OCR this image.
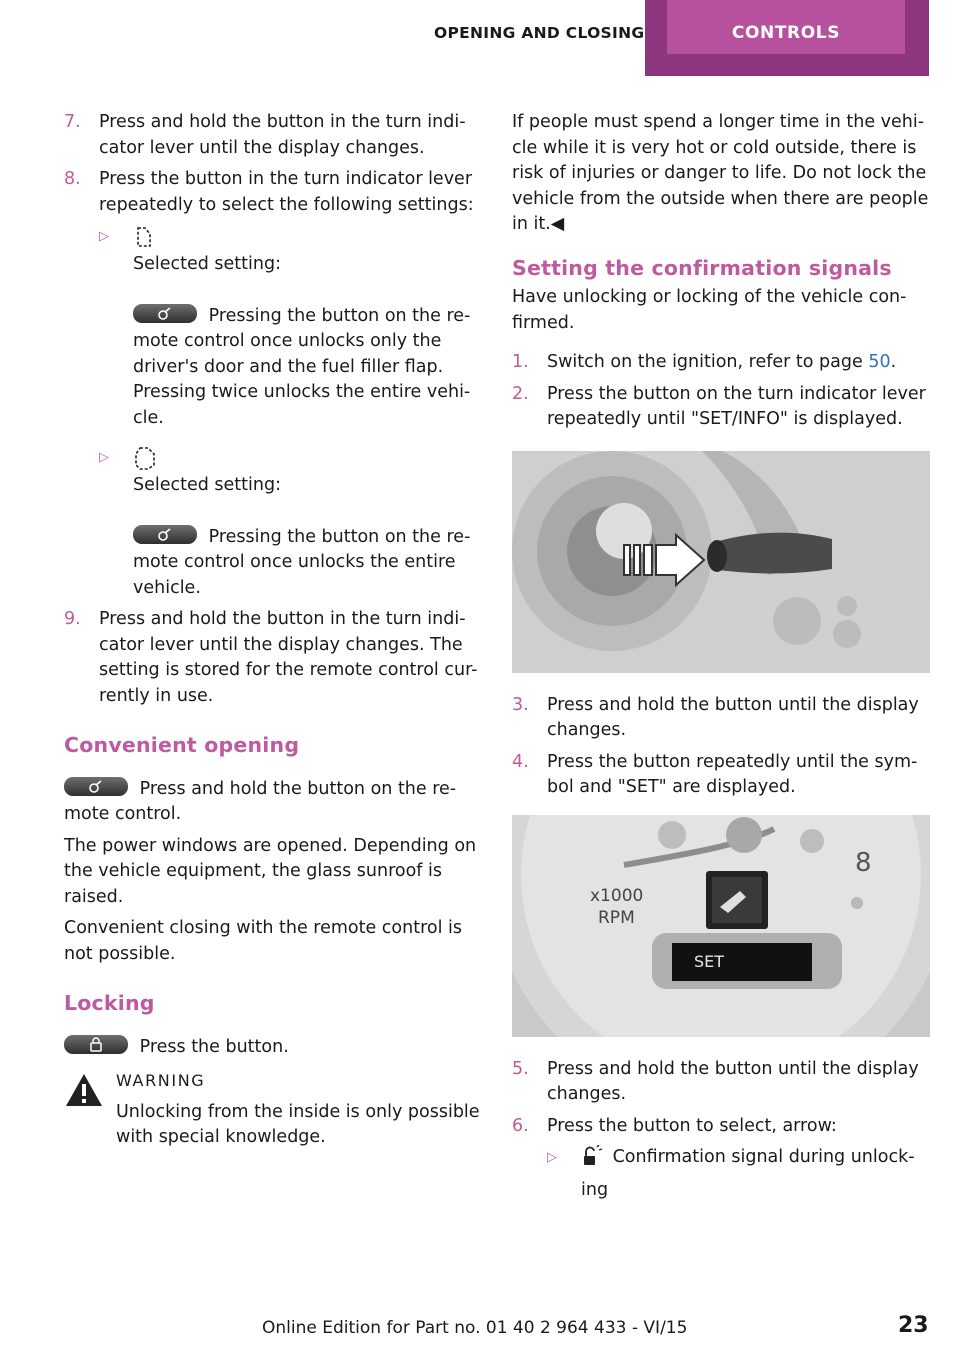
OPENING AND CLOSING	CONTROLS
7. Press and hold the button in the turn indi-cator lever until the display changes.
8. Press the button in the turn indicator lever repeatedly to select the following settings:
▷
Selected setting:
Pressing the button on the re-mote control once unlocks only the driver's door and the fuel filler flap. Pressing twice unlocks the entire vehi-cle.
▷
Selected setting:
Pressing the button on the re-mote control once unlocks the entire vehicle.
9. Press and hold the button in the turn indi-cator lever until the display changes. The setting is stored for the remote control cur-rently in use.
Convenient opening
Press and hold the button on the re-mote control.
The power windows are opened. Depending on the vehicle equipment, the glass sunroof is raised.
Convenient closing with the remote control is not possible.
Locking
Press the button.
WARNING
Unlocking from the inside is only possible with special knowledge.
If people must spend a longer time in the vehi-cle while it is very hot or cold outside, there is risk of injuries or danger to life. Do not lock the vehicle from the outside when there are people in it.◀
Setting the confirmation signals
Have unlocking or locking of the vehicle con-firmed.
1. Switch on the ignition, refer to page 50.
2. Press the button on the turn indicator lever repeatedly until "SET/INFO" is displayed.
3. Press and hold the button until the display changes.
4. Press the button repeatedly until the sym-bol and "SET" are displayed.
x1000
RPM
SET
8
5. Press and hold the button until the display changes.
6. Press the button to select, arrow:
▷	Confirmation signal during unlock-ing
Online Edition for Part no. 01 40 2 964 433 - VI/15	23
